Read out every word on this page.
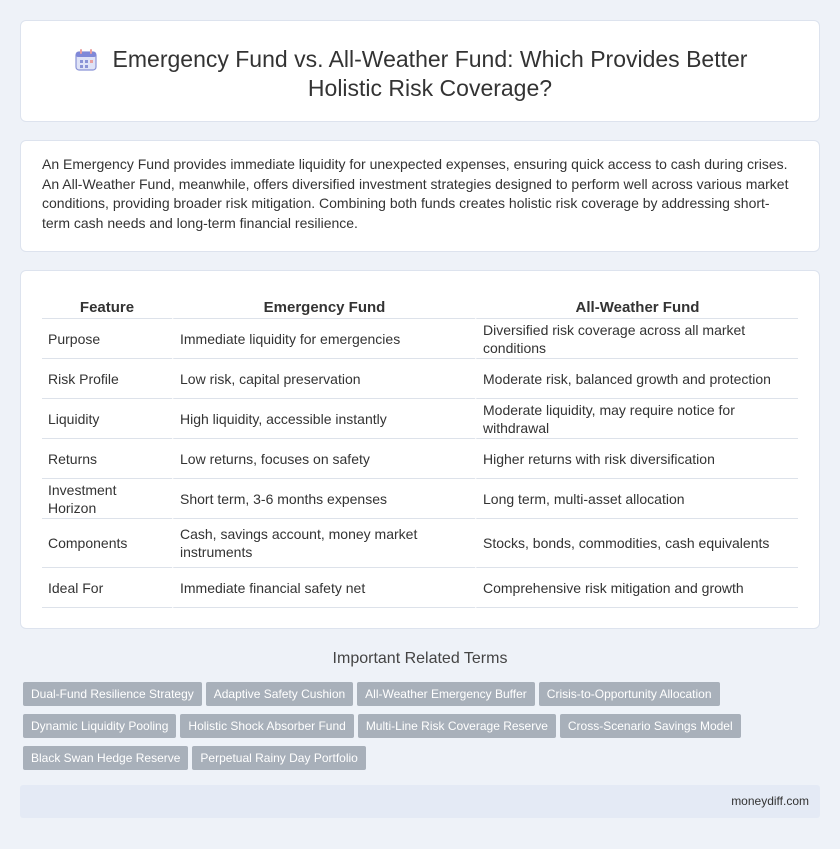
Emergency Fund vs. All-Weather Fund: Which Provides Better Holistic Risk Coverage?

An Emergency Fund provides immediate liquidity for unexpected expenses, ensuring quick access to cash during crises. An All-Weather Fund, meanwhile, offers diversified investment strategies designed to perform well across various market conditions, providing broader risk mitigation. Combining both funds creates holistic risk coverage by addressing short-term cash needs and long-term financial resilience.

Feature	Emergency Fund	All-Weather Fund
Purpose	Immediate liquidity for emergencies	Diversified risk coverage across all market conditions
Risk Profile	Low risk, capital preservation	Moderate risk, balanced growth and protection
Liquidity	High liquidity, accessible instantly	Moderate liquidity, may require notice for withdrawal
Returns	Low returns, focuses on safety	Higher returns with risk diversification
Investment Horizon	Short term, 3-6 months expenses	Long term, multi-asset allocation
Components	Cash, savings account, money market instruments	Stocks, bonds, commodities, cash equivalents
Ideal For	Immediate financial safety net	Comprehensive risk mitigation and growth
Important Related Terms
Dual-Fund Resilience Strategy Adaptive Safety Cushion All-Weather Emergency Buffer Crisis-to-Opportunity Allocation
Dynamic Liquidity Pooling Holistic Shock Absorber Fund Multi-Line Risk Coverage Reserve Cross-Scenario Savings Model
Black Swan Hedge Reserve Perpetual Rainy Day Portfolio
moneydiff.com
